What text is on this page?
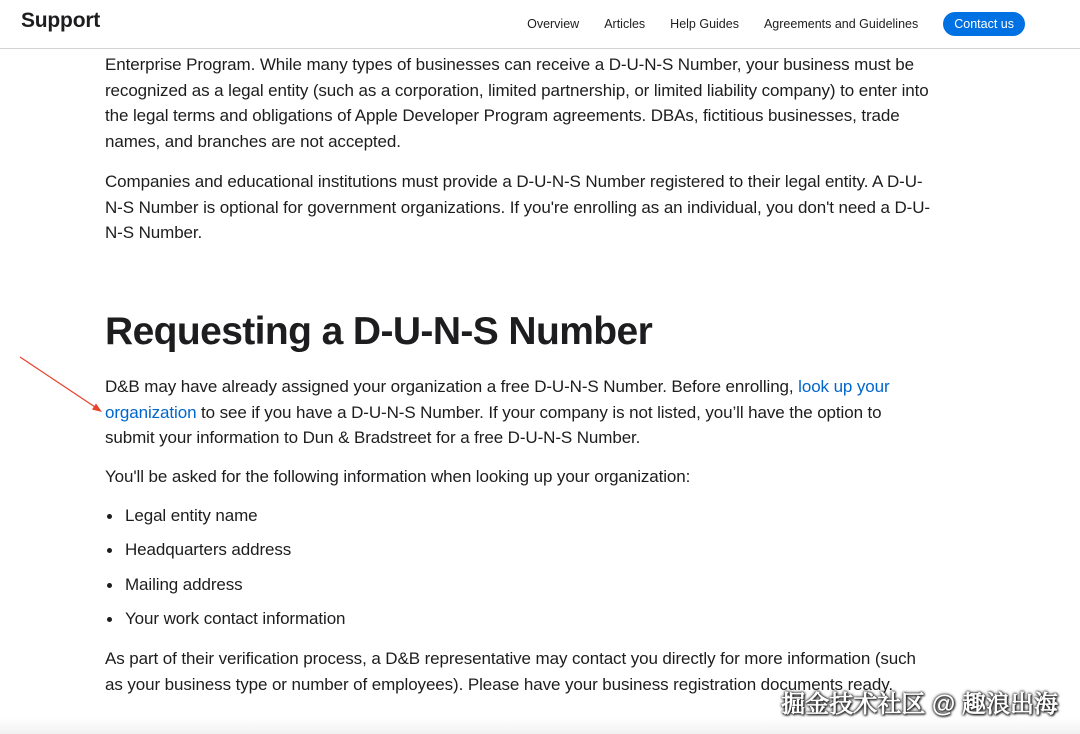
Support	Overview Articles Help Guides Agreements and Guidelines	Contact us

Enterprise Program. While many types of businesses can receive a D-U-N-S Number, your business must be recognized as a legal entity (such as a corporation, limited partnership, or limited liability company) to enter into the legal terms and obligations of Apple Developer Program agreements. DBAs, fictitious businesses, trade names, and branches are not accepted.

Companies and educational institutions must provide a D-U-N-S Number registered to their legal entity. A D-U-N-S Number is optional for government organizations. If you're enrolling as an individual, you don't need a D-U-N-S Number.

Requesting a D-U-N-S Number

D&B may have already assigned your organization a free D-U-N-S Number. Before enrolling, look up your organization to see if you have a D-U-N-S Number. If your company is not listed, you’ll have the option to submit your information to Dun & Bradstreet for a free D-U-N-S Number.

You'll be asked for the following information when looking up your organization:

Legal entity name
Headquarters address
Mailing address
Your work contact information

As part of their verification process, a D&B representative may contact you directly for more information (such as your business type or number of employees). Please have your business registration documents ready.

掘金技术社区 @ 趣浪出海
